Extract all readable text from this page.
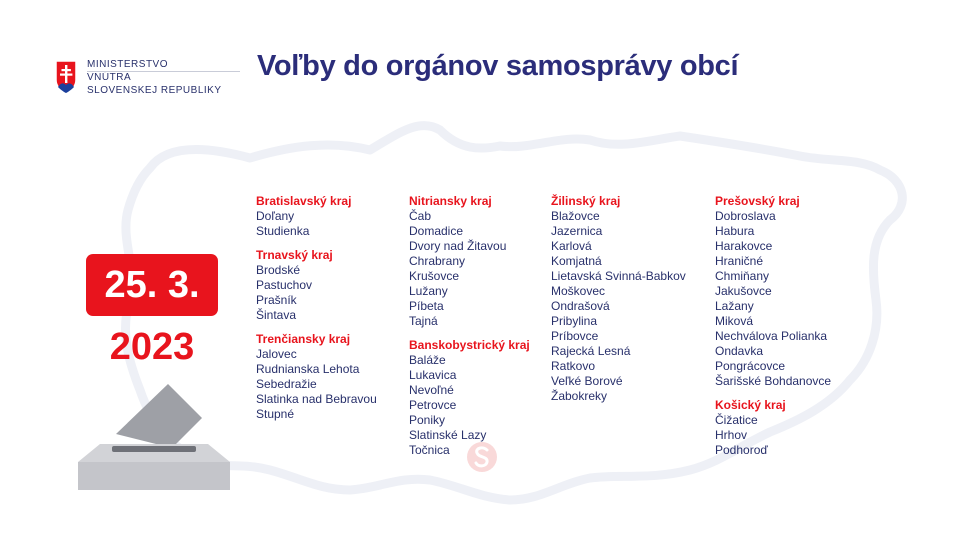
MINISTERSTVO
VNÚTRA
SLOVENSKEJ REPUBLIKY
Voľby do orgánov samosprávy obcí
25. 3.
2023
Bratislavský kraj
Doľany
Studienka
Trnavský kraj
Brodské
Pastuchov
Prašník
Šintava
Trenčiansky kraj
Jalovec
Rudnianska Lehota
Sebedražie
Slatinka nad Bebravou
Stupné
Nitriansky kraj
Čab
Domadice
Dvory nad Žitavou
Chrabrany
Krušovce
Lužany
Píbeta
Tajná
Banskobystrický kraj
Baláže
Lukavica
Nevoľné
Petrovce
Poniky
Slatinské Lazy
Točnica
Žilinský kraj
Blažovce
Jazernica
Karlová
Komjatná
Lietavská Svinná-Babkov
Moškovec
Ondrašová
Pribylina
Príbovce
Rajecká Lesná
Ratkovo
Veľké Borové
Žabokreky
Prešovský kraj
Dobroslava
Habura
Harakovce
Hraničné
Chmiňany
Jakušovce
Lažany
Miková
Nechválova Polianka
Ondavka
Pongrácovce
Šarišské Bohdanovce
Košický kraj
Čižatice
Hrhov
Podhoroď
